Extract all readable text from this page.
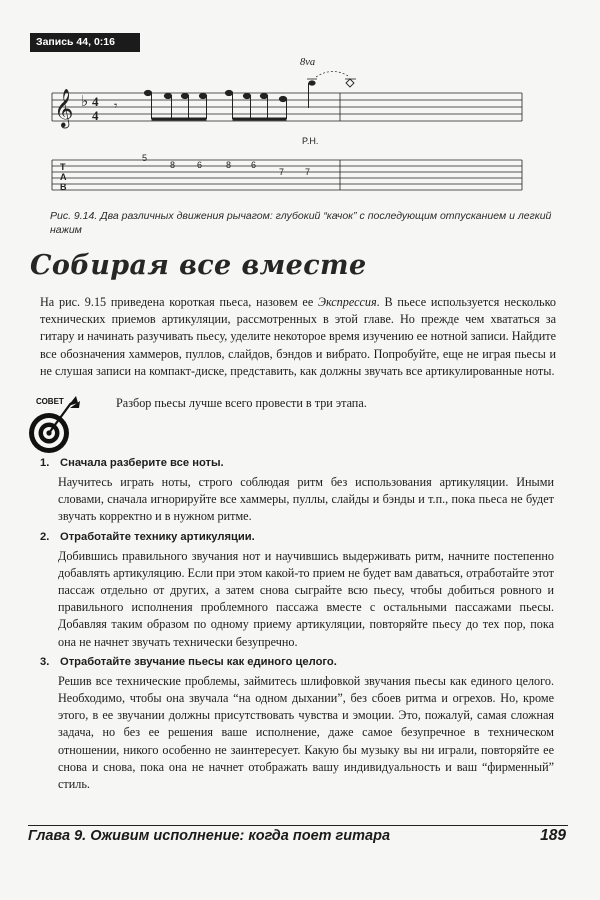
Запись 44, 0:16
𝄞 ♭ 4
4
𝄾
8va
P.H.
T
A
B
5
8 6	8 6
7 7
Рис. 9.14. Два различных движения рычагом: глубокий “качок” с последующим отпусканием и легкий нажим
Собирая все вместе

На рис. 9.15 приведена короткая пьеса, назовем ее Экспрессия. В пьесе используется несколько технических приемов артикуляции, рассмотренных в этой главе. Но прежде чем хвататься за гитару и начинать разучивать пьесу, уделите некоторое время изучению ее нотной записи. Найдите все обозначения хаммеров, пуллов, слайдов, бэндов и вибрато. Попробуйте, еще не играя пьесы и не слушая записи на компакт-диске, представить, как должны звучать все артикулированные ноты.

СОВЕТ	Разбор пьесы лучше всего провести в три этапа.

1. Сначала разберите все ноты.

Научитесь играть ноты, строго соблюдая ритм без использования артикуляции. Иными словами, сначала игнорируйте все хаммеры, пуллы, слайды и бэнды и т.п., пока пьеса не будет звучать корректно и в нужном ритме.

2. Отработайте технику артикуляции.

Добившись правильного звучания нот и научившись выдерживать ритм, начните постепенно добавлять артикуляцию. Если при этом какой-то прием не будет вам даваться, отработайте этот пассаж отдельно от других, а затем снова сыграйте всю пьесу, чтобы добиться ровного и правильного исполнения проблемного пассажа вместе с остальными пассажами пьесы. Добавляя таким образом по одному приему артикуляции, повторяйте пьесу до тех пор, пока она не начнет звучать технически безупречно.

3. Отработайте звучание пьесы как единого целого.

Решив все технические проблемы, займитесь шлифовкой звучания пьесы как единого целого. Необходимо, чтобы она звучала “на одном дыхании”, без сбоев ритма и огрехов. Но, кроме этого, в ее звучании должны присутствовать чувства и эмоции. Это, пожалуй, самая сложная задача, но без ее решения ваше исполнение, даже самое безупречное в техническом отношении, никого особенно не заинтересует. Какую бы музыку вы ни играли, повторяйте ее снова и снова, пока она не начнет отображать вашу индивидуальность и ваш “фирменный” стиль.

Глава 9. Оживим исполнение: когда поет гитара	189
